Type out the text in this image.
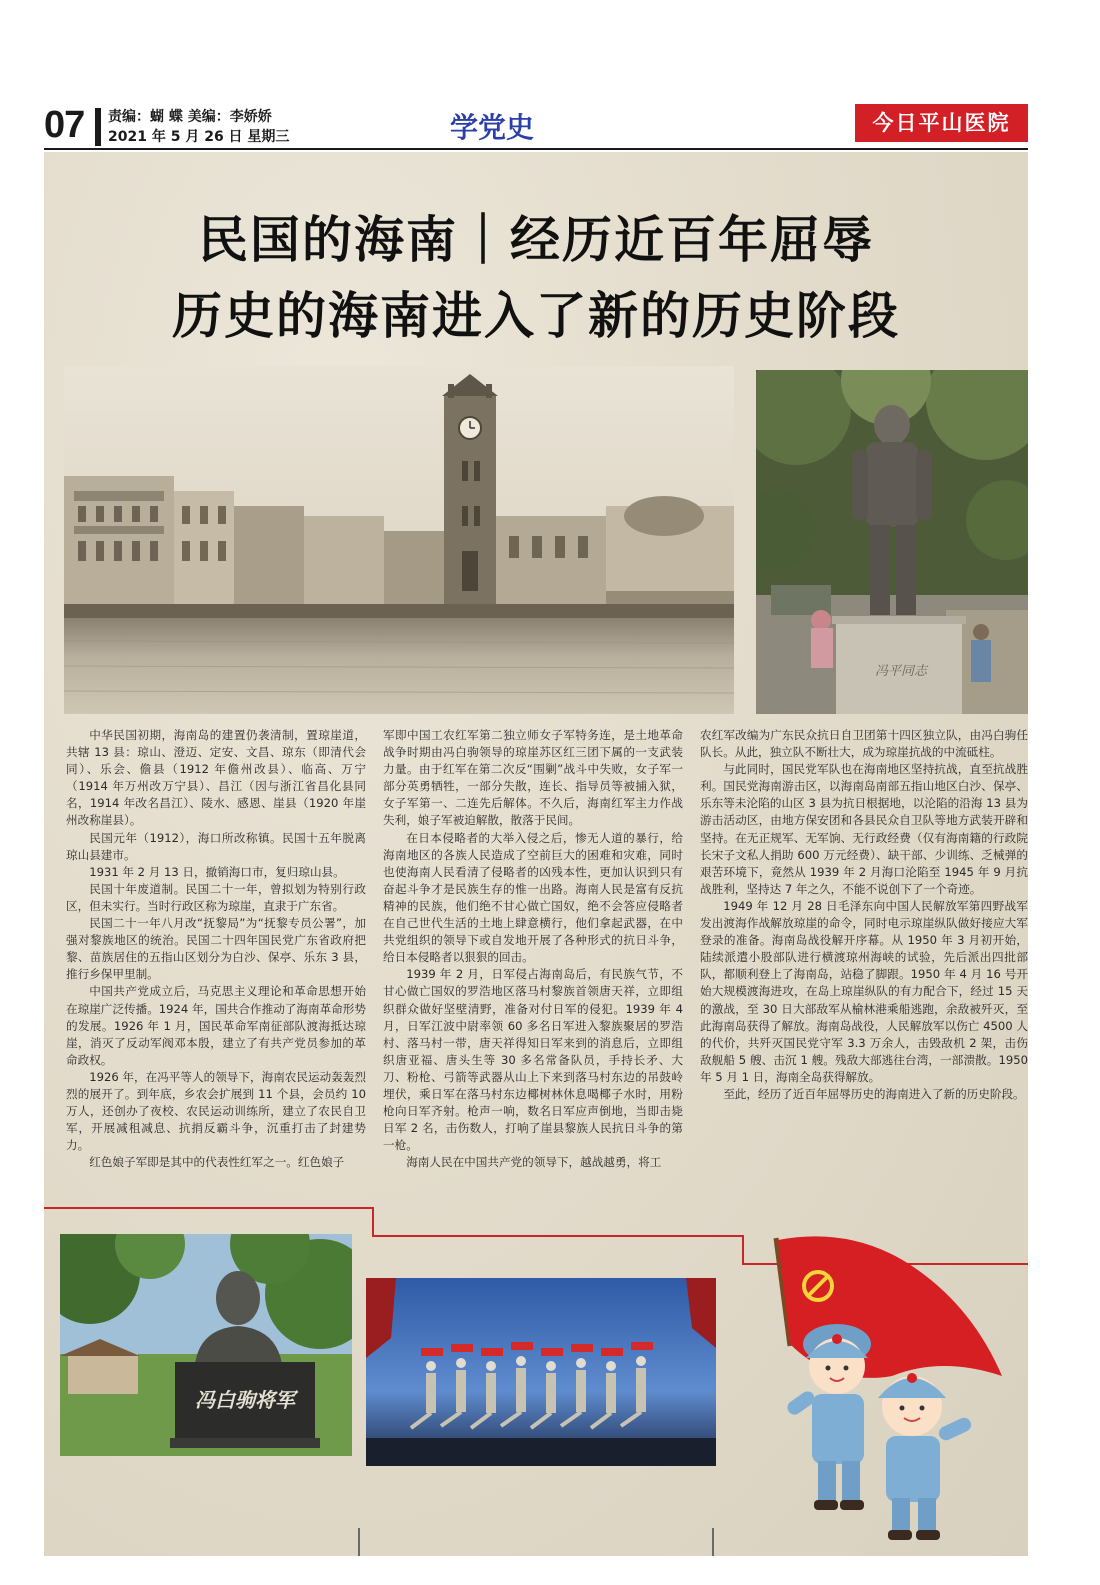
07 责编：蝴 蝶 美编：李娇娇
2021 年 5 月 26 日 星期三	学党史	今日平山医院
民国的海南｜经历近百年屈辱
历史的海南进入了新的历史阶段
冯平同志

中华民国初期，海南岛的建置仍袭清制，置琼崖道，共辖 13 县：琼山、澄迈、定安、文昌、琼东（即清代会同）、乐会、儋县（1912 年儋州改县）、临高、万宁（1914 年万州改万宁县）、昌江（因与浙江省昌化县同名，1914 年改名昌江）、陵水、感恩、崖县（1920 年崖州改称崖县）。

民国元年（1912），海口所改称镇。民国十五年脱离琼山县建市。

1931 年 2 月 13 日，撤销海口市，复归琼山县。

民国十年废道制。民国二十一年，曾拟划为特别行政区，但未实行。当时行政区称为琼崖，直隶于广东省。

民国二十一年八月改“抚黎局”为“抚黎专员公署”，加强对黎族地区的统治。民国二十四年国民党广东省政府把黎、苗族居住的五指山区划分为白沙、保亭、乐东 3 县，推行乡保甲里制。

中国共产党成立后，马克思主义理论和革命思想开始在琼崖广泛传播。1924 年，国共合作推动了海南革命形势的发展。1926 年 1 月，国民革命军南征部队渡海抵达琼崖，消灭了反动军阀邓本殷，建立了有共产党员参加的革命政权。

1926 年，在冯平等人的领导下，海南农民运动轰轰烈烈的展开了。到年底，乡农会扩展到 11 个县，会员约 10 万人，还创办了夜校、农民运动训练所，建立了农民自卫军，开展减租减息、抗捐反霸斗争，沉重打击了封建势力。

红色娘子军即是其中的代表性红军之一。红色娘子

军即中国工农红军第二独立师女子军特务连，是土地革命战争时期由冯白驹领导的琼崖苏区红三团下属的一支武装力量。由于红军在第二次反“围剿”战斗中失败，女子军一部分英勇牺牲，一部分失散，连长、指导员等被捕入狱，女子军第一、二连先后解体。不久后，海南红军主力作战失利，娘子军被迫解散，散落于民间。

在日本侵略者的大举入侵之后，惨无人道的暴行，给海南地区的各族人民造成了空前巨大的困难和灾难，同时也使海南人民看清了侵略者的凶残本性，更加认识到只有奋起斗争才是民族生存的惟一出路。海南人民是富有反抗精神的民族，他们绝不甘心做亡国奴，绝不会答应侵略者在自己世代生活的土地上肆意横行，他们拿起武器，在中共党组织的领导下或自发地开展了各种形式的抗日斗争，给日本侵略者以狠狠的回击。

1939 年 2 月，日军侵占海南岛后，有民族气节，不甘心做亡国奴的罗浩地区落马村黎族首领唐天祥，立即组织群众做好坚壁清野，准备对付日军的侵犯。1939 年 4 月，日军江波中尉率领 60 多名日军进入黎族聚居的罗浩村、落马村一带，唐天祥得知日军来到的消息后，立即组织唐亚福、唐头生等 30 多名常备队员，手持长矛、大刀、粉枪、弓箭等武器从山上下来到落马村东边的吊鼓岭埋伏，乘日军在落马村东边椰树林休息喝椰子水时，用粉枪向日军齐射。枪声一响，数名日军应声倒地，当即击毙日军 2 名，击伤数人，打响了崖县黎族人民抗日斗争的第一枪。

海南人民在中国共产党的领导下，越战越勇，将工

农红军改编为广东民众抗日自卫团第十四区独立队，由冯白驹任队长。从此，独立队不断壮大，成为琼崖抗战的中流砥柱。

与此同时，国民党军队也在海南地区坚持抗战，直至抗战胜利。国民党海南游击区，以海南岛南部五指山地区白沙、保亭、乐东等未沦陷的山区 3 县为抗日根据地，以沦陷的沿海 13 县为游击活动区，由地方保安团和各县民众自卫队等地方武装开辟和坚持。在无正规军、无军饷、无行政经费（仅有海南籍的行政院长宋子文私人捐助 600 万元经费）、缺干部、少训练、乏械弹的艰苦环境下，竟然从 1939 年 2 月海口沦陷至 1945 年 9 月抗战胜利，坚持达 7 年之久，不能不说创下了一个奇迹。

1949 年 12 月 28 日毛泽东向中国人民解放军第四野战军发出渡海作战解放琼崖的命令，同时电示琼崖纵队做好接应大军登录的准备。海南岛战役解开序幕。从 1950 年 3 月初开始，陆续派遣小股部队进行横渡琼州海峡的试验，先后派出四批部队，都顺利登上了海南岛，站稳了脚跟。1950 年 4 月 16 号开始大规模渡海进攻，在岛上琼崖纵队的有力配合下，经过 15 天的激战，至 30 日大部敌军从榆林港乘船逃跑，余敌被歼灭，至此海南岛获得了解放。海南岛战役，人民解放军以伤亡 4500 人的代价，共歼灭国民党守军 3.3 万余人，击毁敌机 2 架，击伤敌舰船 5 艘、击沉 1 艘。残敌大部逃往台湾，一部溃散。1950 年 5 月 1 日，海南全岛获得解放。

至此，经历了近百年屈辱历史的海南进入了新的历史阶段。

冯白驹将军
